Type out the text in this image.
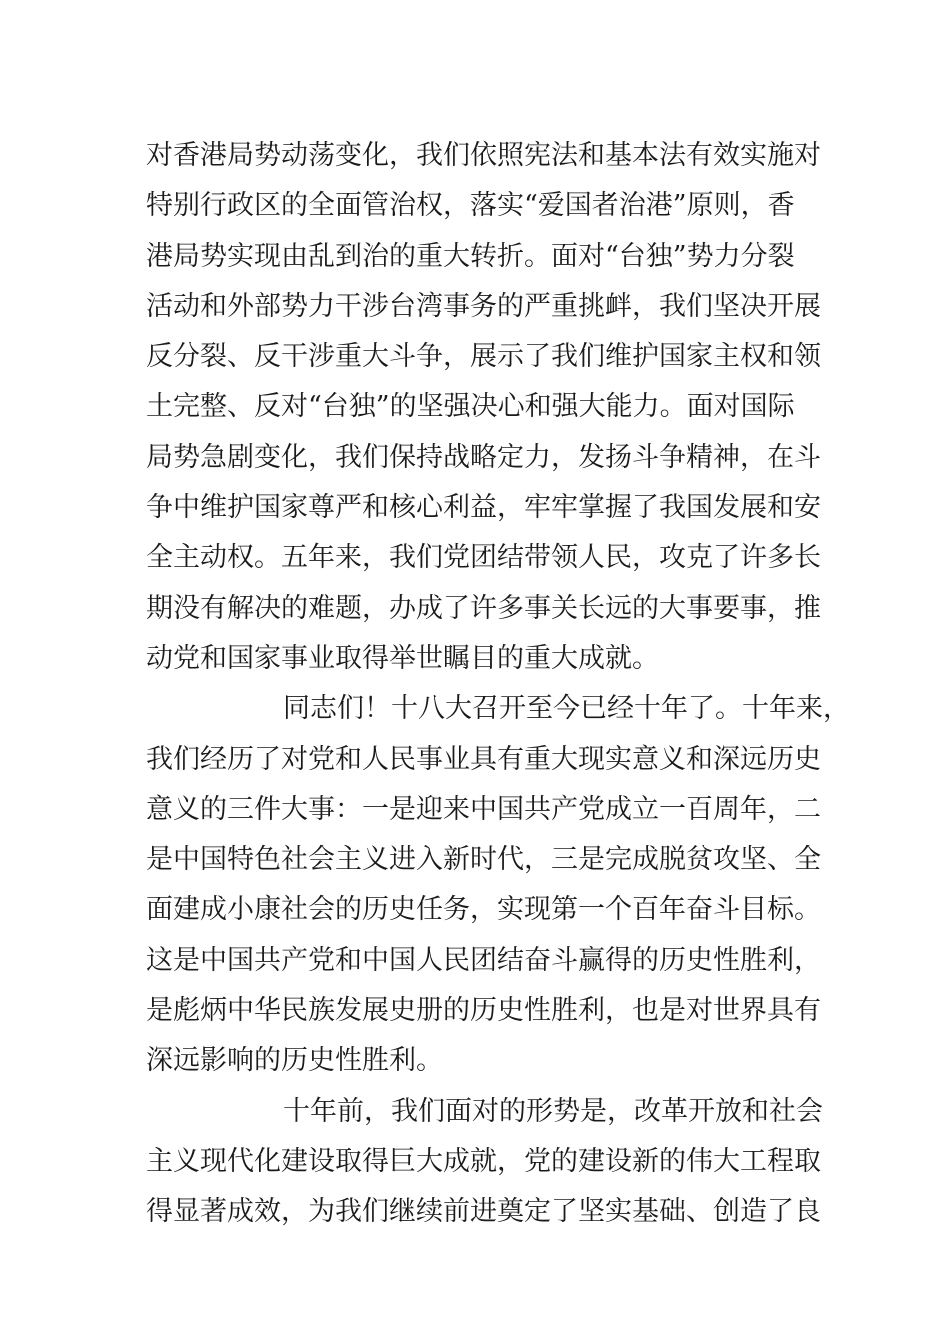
对香港局势动荡变化，我们依照宪法和基本法有效实施对
特别行政区的全面管治权，落实“爱国者治港”原则，香
港局势实现由乱到治的重大转折。面对“台独”势力分裂
活动和外部势力干涉台湾事务的严重挑衅，我们坚决开展
反分裂、反干涉重大斗争，展示了我们维护国家主权和领
土完整、反对“台独”的坚强决心和强大能力。面对国际
局势急剧变化，我们保持战略定力，发扬斗争精神，在斗
争中维护国家尊严和核心利益，牢牢掌握了我国发展和安
全主动权。五年来，我们党团结带领人民，攻克了许多长
期没有解决的难题，办成了许多事关长远的大事要事，推
动党和国家事业取得举世瞩目的重大成就。
同志们！十八大召开至今已经十年了。十年来，
我们经历了对党和人民事业具有重大现实意义和深远历史
意义的三件大事：一是迎来中国共产党成立一百周年，二
是中国特色社会主义进入新时代，三是完成脱贫攻坚、全
面建成小康社会的历史任务，实现第一个百年奋斗目标。
这是中国共产党和中国人民团结奋斗赢得的历史性胜利，
是彪炳中华民族发展史册的历史性胜利，也是对世界具有
深远影响的历史性胜利。
十年前，我们面对的形势是，改革开放和社会
主义现代化建设取得巨大成就，党的建设新的伟大工程取
得显著成效，为我们继续前进奠定了坚实基础、创造了良
